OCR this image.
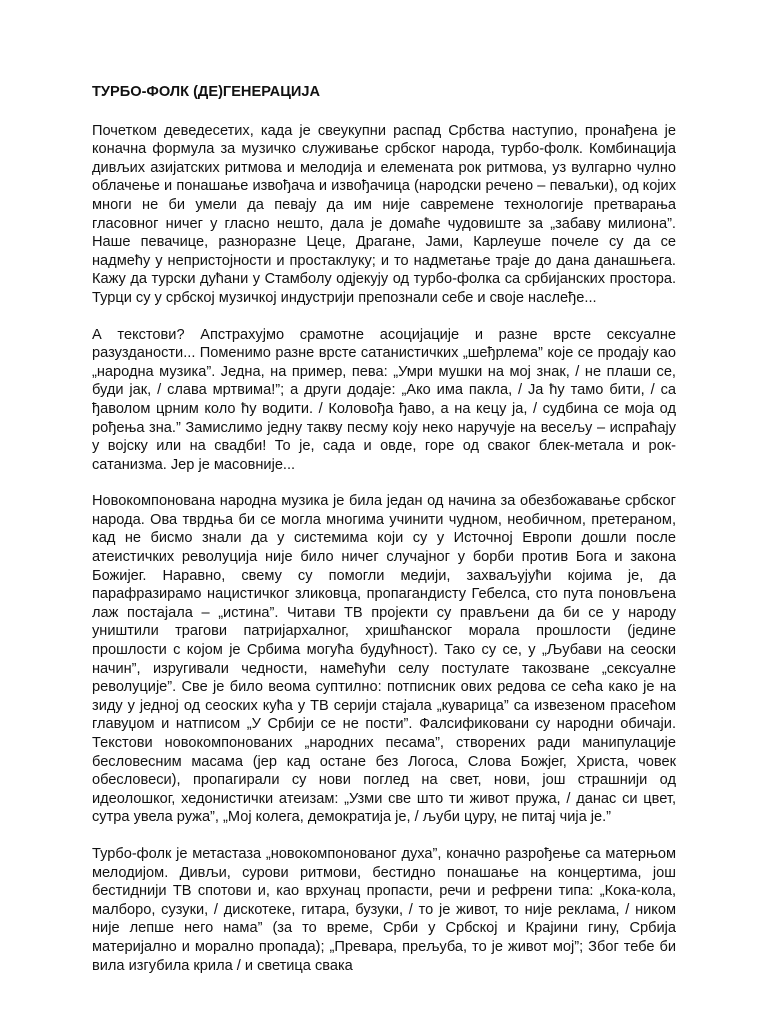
ТУРБО-ФОЛК (ДЕ)ГЕНЕРАЦИЈА

Почетком деведесетих, када је свеукупни распад Србства наступио, пронађена је коначна формула за музичко служивање србског народа, турбо-фолк. Комбинација дивљих азијатских ритмова и мелодија и елемената рок ритмова, уз вулгарно чулно облачење и понашање извођача и извођачица (народски речено – певаљки), од којих многи не би умели да певају да им није савремене технологије претварања гласовног ничег у гласно нешто, дала је домаће чудовиште за „забаву милиона”. Наше певачице, разноразне Цеце, Драгане, Јами, Карлеуше почеле су да се надмећу у непристојности и простаклуку; и то надметање траје до дана данашњега. Кажу да турски дућани у Стамболу одјекују од турбо-фолка са србијанских простора. Турци су у србској музичкој индустрији препознали себе и своје наслеђе...

А текстови? Апстрахујмо срамотне асоцијације и разне врсте сексуалне разузданости... Поменимо разне врсте сатанистичких „шеђрлема” које се продају као „народна музика”. Једна, на пример, пева: „Умри мушки на мој знак, / не плаши се, буди јак, / слава мртвима!”; а други додаје: „Ако има пакла, / Ја ћу тамо бити, / са ђаволом црним коло ћу водити. / Коловођа ђаво, а на кецу ја, / судбина се моја од рођења зна.” Замислимо једну такву песму коју неко наручује на весељу – испраћају у војску или на свадби! То је, сада и овде, горе од сваког блек-метала и рок-сатанизма. Јер је масовније...

Новокомпонована народна музика је била један од начина за обезбожавање србског народа. Ова тврдња би се могла многима учинити чудном, необичном, претераном, кад не бисмо знали да у системима који су у Источној Европи дошли после атеистичких револуција није било ничег случајног у борби против Бога и закона Божијег. Наравно, свему су помогли медији, захваљујући којима је, да парафразирамо нацистичког зликовца, пропагандисту Гебелса, сто пута поновљена лаж постајала – „истина”. Читави ТВ пројекти су прављени да би се у народу уништили трагови патријархалног, хришћанског морала прошлости (једине прошлости с којом је Србима могућа будућност). Тако су се, у „Љубави на сеоски начин”, изругивали чедности, намећући селу постулате такозване „сексуалне револуције”. Све је било веома суптилно: потписник ових редова се сећа како је на зиду у једној од сеоских кућа у ТВ серији стајала „куварица” са извезеном прасећом главуџом и натписом „У Србији се не пости”. Фалсификовани су народни обичаји. Текстови новокомпонованих „народних песама”, створених ради манипулације бесловесним масама (јер кад остане без Логоса, Слова Божјег, Христа, човек обесловеси), пропагирали су нови поглед на свет, нови, још страшнији од идеолошког, хедонистички атеизам: „Узми све што ти живот пружа, / данас си цвет, сутра увела ружа”, „Мој колега, демократија је, / љуби цуру, не питај чија је.”

Турбо-фолк је метастаза „новокомпонованог духа”, коначно разрођење са матерњом мелодијом. Дивљи, сурови ритмови, бестидно понашање на концертима, још бестиднији ТВ спотови и, као врхунац пропасти, речи и рефрени типа: „Кока-кола, малборо, сузуки, / дискотеке, гитара, бузуки, / то је живот, то није реклама, / ником није лепше него нама” (за то време, Срби у Србској и Крајини гину, Србија материјално и морално пропада); „Превара, прељуба, то је живот мој”; Због тебе би вила изгубила крила / и светица свака
